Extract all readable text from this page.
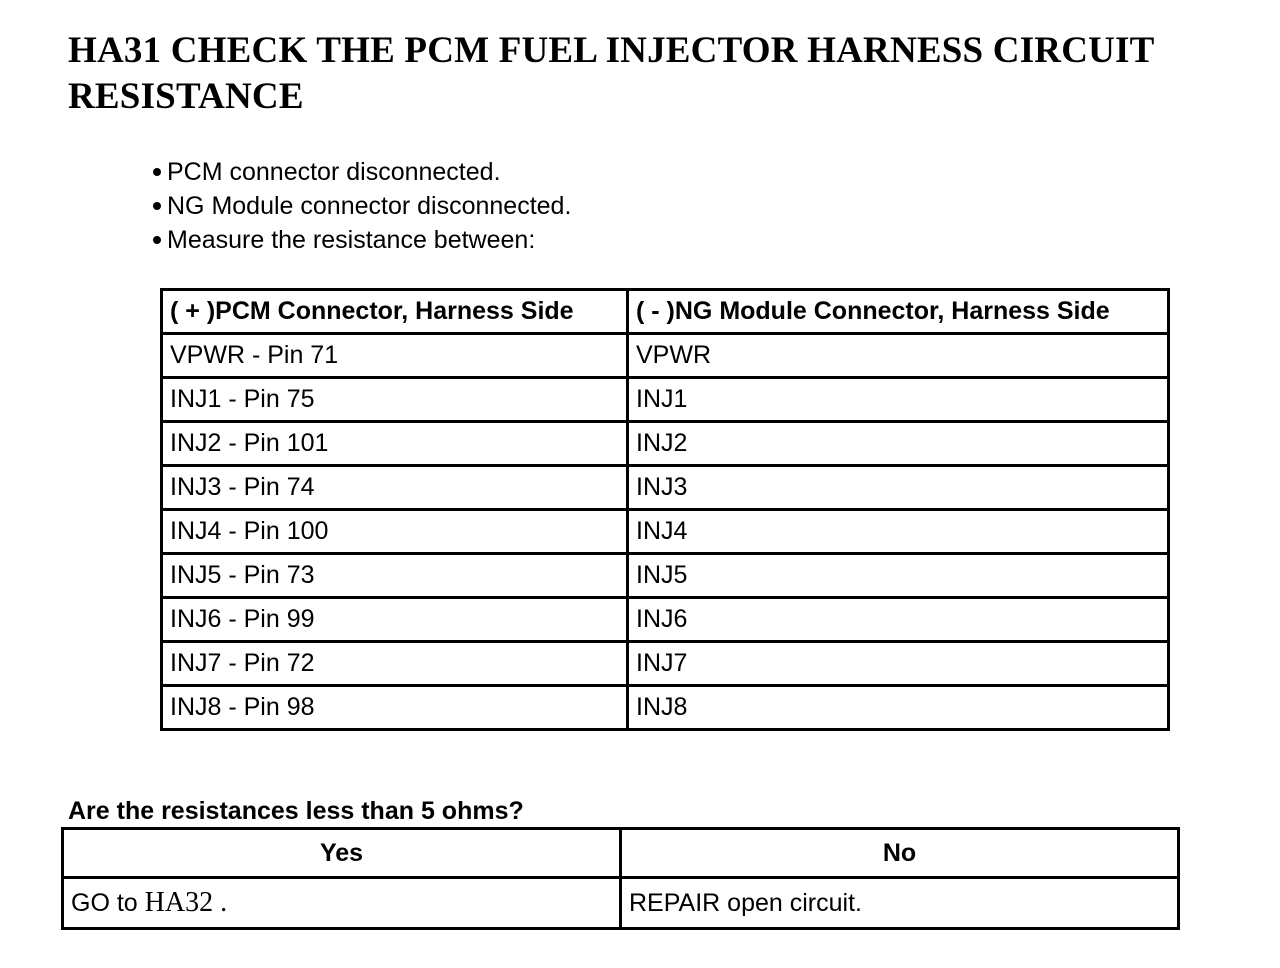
HA31 CHECK THE PCM FUEL INJECTOR HARNESS CIRCUIT RESISTANCE
PCM connector disconnected.
NG Module connector disconnected.
Measure the resistance between:
( + )PCM Connector, Harness Side	( - )NG Module Connector, Harness Side
VPWR - Pin 71	VPWR
INJ1 - Pin 75	INJ1
INJ2 - Pin 101	INJ2
INJ3 - Pin 74	INJ3
INJ4 - Pin 100	INJ4
INJ5 - Pin 73	INJ5
INJ6 - Pin 99	INJ6
INJ7 - Pin 72	INJ7
INJ8 - Pin 98	INJ8

Are the resistances less than 5 ohms?

Yes	No
GO to HA32 .	REPAIR open circuit.
